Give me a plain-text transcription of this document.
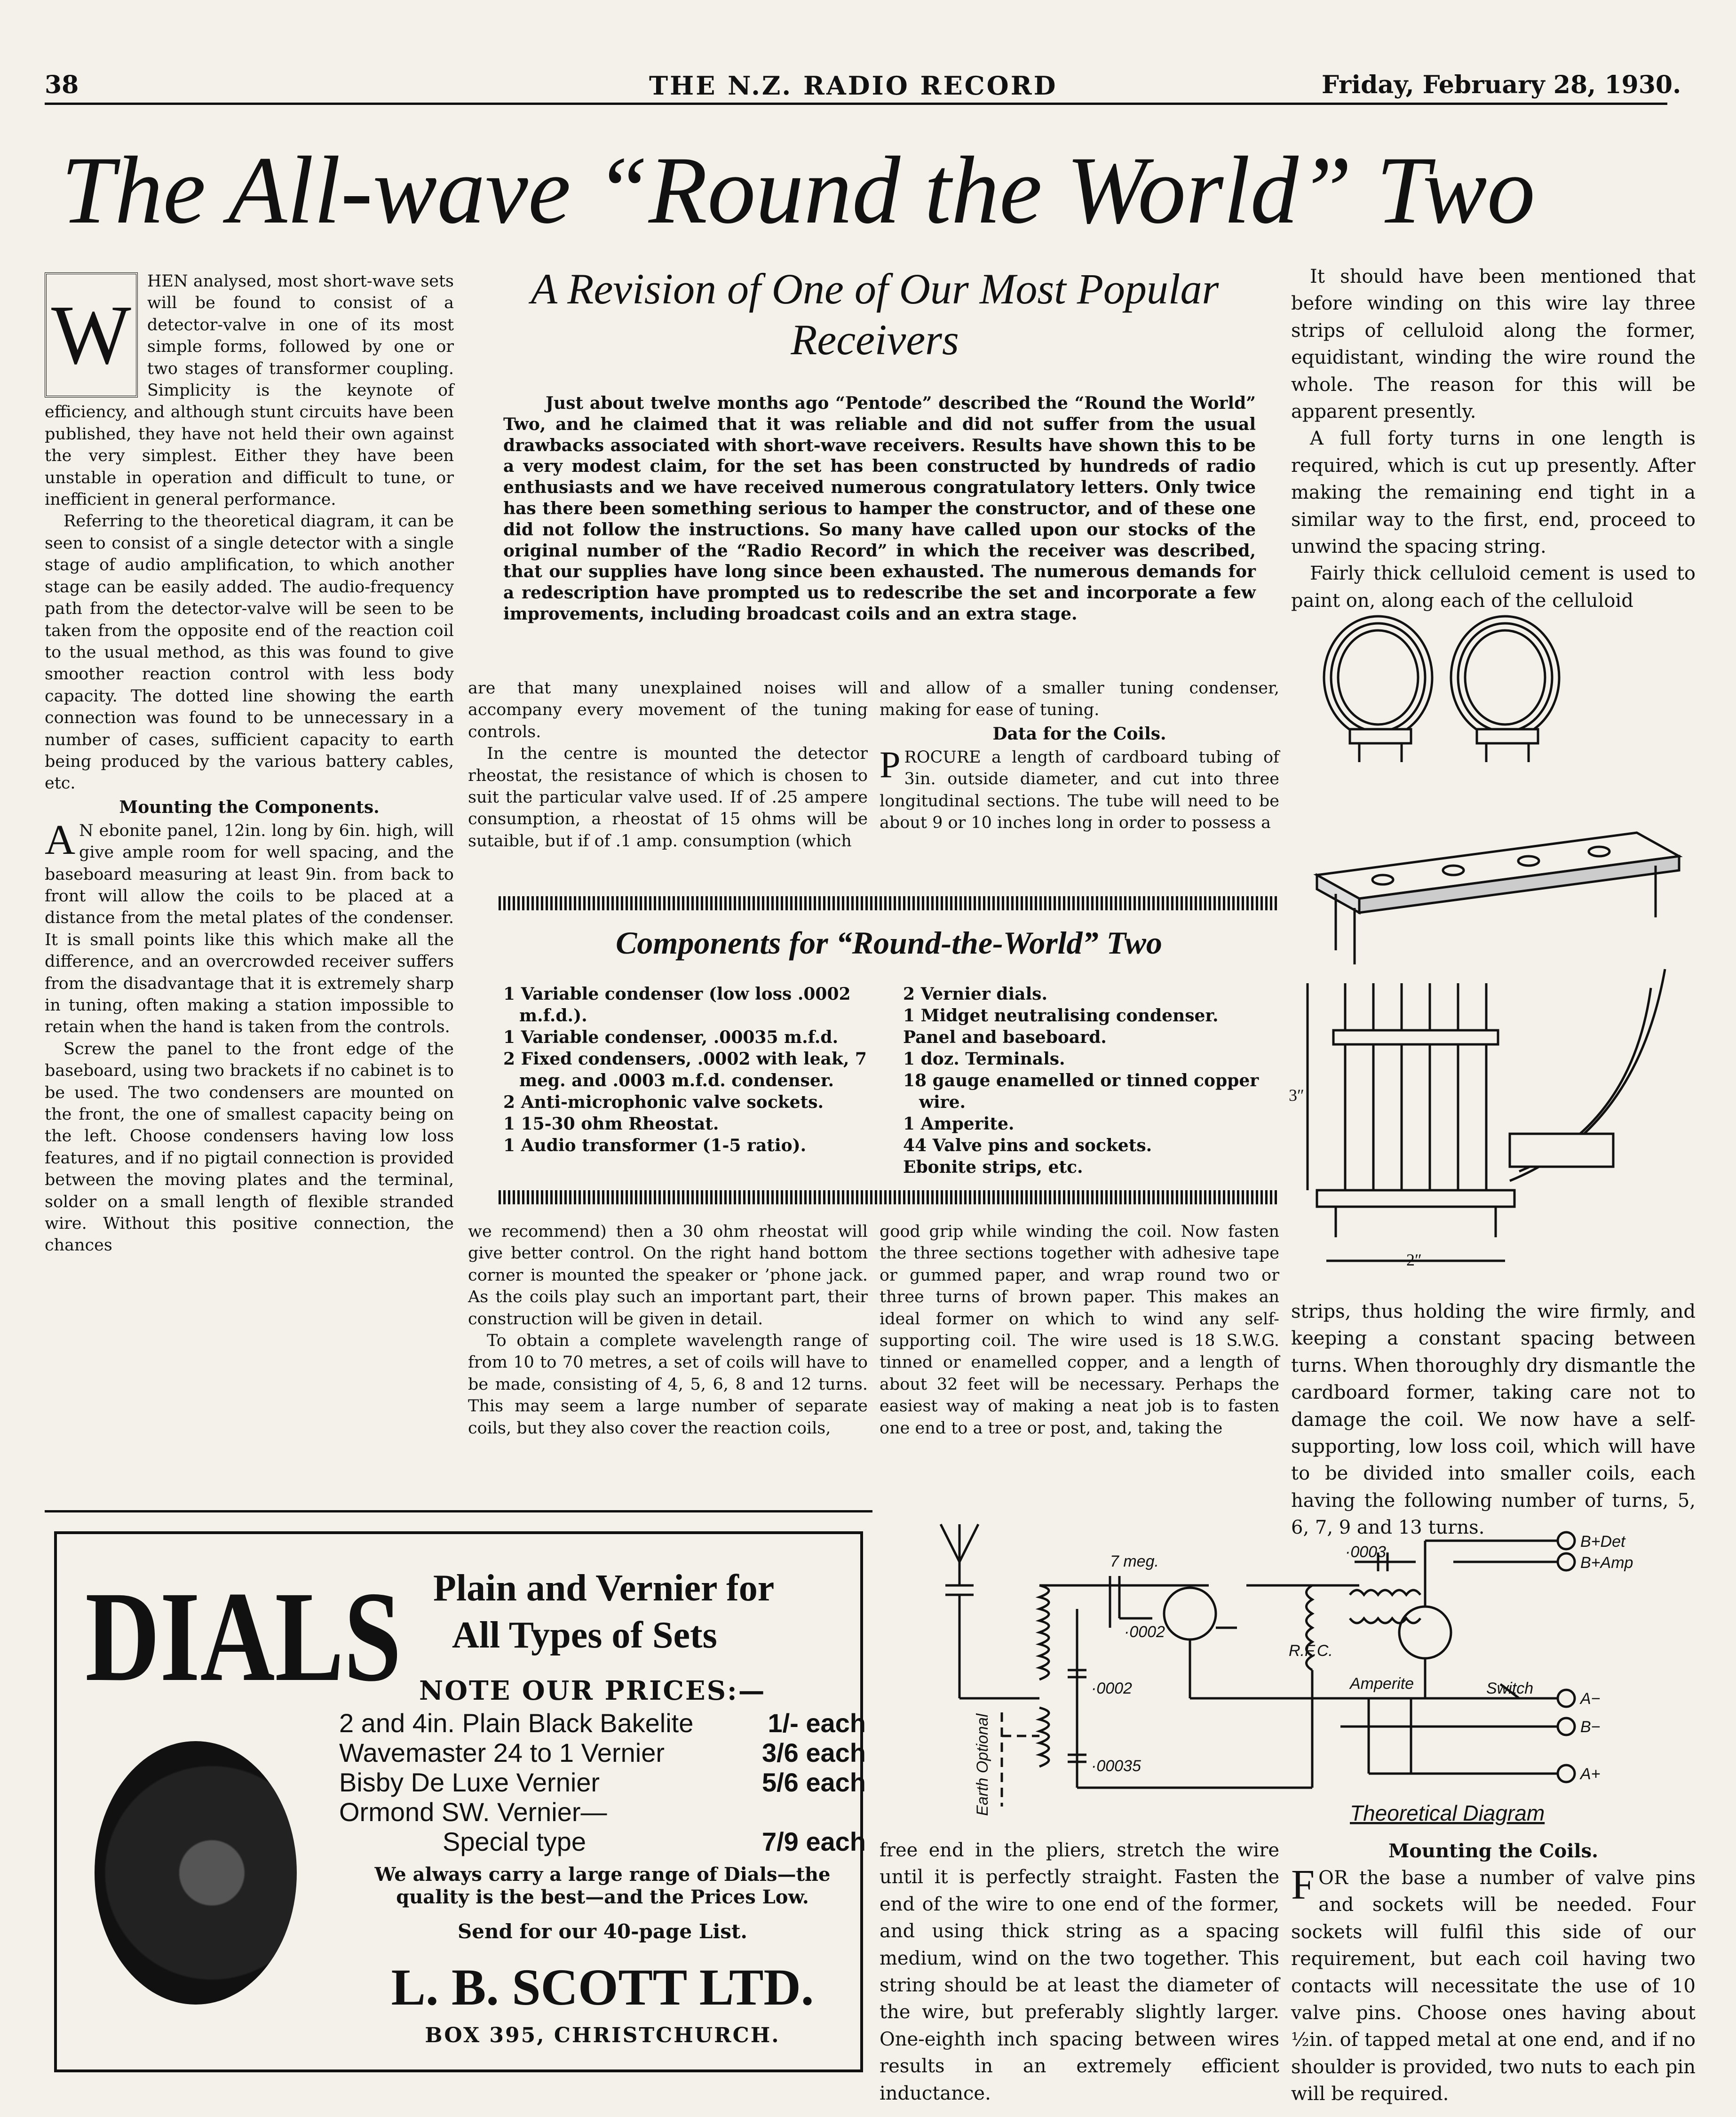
38	THE N.Z. RADIO RECORD	Friday, February 28, 1930.
The All-wave “Round the World” Two
W
HEN analysed, most short-wave sets will be found to consist of a detector-valve in one of its most simple forms, followed by one or two stages of transformer coupling. Simplicity is the keynote of efficiency, and although stunt circuits have been published, they have not held their own against the very simplest. Either they have been unstable in operation and difficult to tune, or inefficient in general performance.
Referring to the theoretical diagram, it can be seen to consist of a single detector with a single stage of audio amplification, to which another stage can be easily added. The audio-frequency path from the detector-valve will be seen to be taken from the opposite end of the reaction coil to the usual method, as this was found to give smoother reaction control with less body capacity. The dotted line showing the earth connection was found to be unnecessary in a number of cases, sufficient capacity to earth being produced by the various battery cables, etc.
Mounting the Components.
A N ebonite panel, 12in. long by 6in. high, will give ample room for well spacing, and the baseboard measuring at least 9in. from back to front will allow the coils to be placed at a distance from the metal plates of the condenser. It is small points like this which make all the difference, and an overcrowded receiver suffers from the disadvantage that it is extremely sharp in tuning, often making a station impossible to retain when the hand is taken from the controls.
Screw the panel to the front edge of the baseboard, using two brackets if no cabinet is to be used. The two condensers are mounted on the front, the one of smallest capacity being on the left. Choose condensers having low loss features, and if no pigtail connection is provided between the moving plates and the terminal, solder on a small length of flexible stranded wire. Without this positive connection, the chances
A Revision of One of Our Most Popular Receivers
Just about twelve months ago “Pentode” described the “Round the World” Two, and he claimed that it was reliable and did not suffer from the usual drawbacks associated with short-wave receivers. Results have shown this to be a very modest claim, for the set has been constructed by hundreds of radio enthusiasts and we have received numerous congratulatory letters. Only twice has there been something serious to hamper the constructor, and of these one did not follow the instructions. So many have called upon our stocks of the original number of the “Radio Record” in which the receiver was described, that our supplies have long since been exhausted. The numerous demands for a redescription have prompted us to redescribe the set and incorporate a few improvements, including broadcast coils and an extra stage.
are that many unexplained noises will accompany every movement of the tuning controls.
In the centre is mounted the detector rheostat, the resistance of which is chosen to suit the particular valve used. If of .25 ampere consumption, a rheostat of 15 ohms will be sutaible, but if of .1 amp. consumption (which
and allow of a smaller tuning condenser, making for ease of tuning.
Data for the Coils.
P ROCURE a length of cardboard tubing of 3in. outside diameter, and cut into three longitudinal sections. The tube will need to be about 9 or 10 inches long in order to possess a
Components for “Round-the-World” Two
1 Variable condenser (low loss .0002 m.f.d.).
1 Variable condenser, .00035 m.f.d.
2 Fixed condensers, .0002 with leak, 7 meg. and .0003 m.f.d. condenser.
2 Anti-microphonic valve sockets.
1 15-30 ohm Rheostat.
1 Audio transformer (1-5 ratio).
2 Vernier dials.
1 Midget neutralising condenser.
Panel and baseboard.
1 doz. Terminals.
18 gauge enamelled or tinned copper wire.
1 Amperite.
44 Valve pins and sockets.
Ebonite strips, etc.
we recommend) then a 30 ohm rheostat will give better control. On the right hand bottom corner is mounted the speaker or ’phone jack. As the coils play such an important part, their construction will be given in detail.
To obtain a complete wavelength range of from 10 to 70 metres, a set of coils will have to be made, consisting of 4, 5, 6, 8 and 12 turns. This may seem a large number of separate coils, but they also cover the reaction coils,
good grip while winding the coil. Now fasten the three sections together with adhesive tape or gummed paper, and wrap round two or three turns of brown paper. This makes an ideal former on which to wind any self-supporting coil. The wire used is 18 S.W.G. tinned or enamelled copper, and a length of about 32 feet will be necessary. Perhaps the easiest way of making a neat job is to fasten one end to a tree or post, and, taking the
It should have been mentioned that before winding on this wire lay three strips of celluloid along the former, equidistant, winding the wire round the whole. The reason for this will be apparent presently.
A full forty turns in one length is required, which is cut up presently. After making the remaining end tight in a similar way to the first, end, proceed to unwind the spacing string.
Fairly thick celluloid cement is used to paint on, along each of the celluloid
3″
2″
strips, thus holding the wire firmly, and keeping a constant spacing between turns. When thoroughly dry dismantle the cardboard former, taking care not to damage the coil. We now have a self-supporting, low loss coil, which will have to be divided into smaller coils, each having the following number of turns, 5, 6, 7, 9 and 13 turns.
DIALS Plain and Vernier for
All Types of Sets
NOTE OUR PRICES:—
2 and 4in. Plain Black Bakelite	1/- each
Wavemaster 24 to 1 Vernier	3/6 each
Bisby De Luxe Vernier	5/6 each
Ormond SW. Vernier—
Special type	7/9 each
We always carry a large range of Dials—the quality is the best—and the Prices Low.
Send for our 40-page List.
L. B. SCOTT LTD.
BOX 395, CHRISTCHURCH.
B+Det
B+Amp
·0003
7 meg.
·0002
·0002
·00035
R.F.C.
Amperite	Switch
A−
B−
A+
Earth Optional	Theoretical Diagram
free end in the pliers, stretch the wire until it is perfectly straight. Fasten the end of the wire to one end of the former, and using thick string as a spacing medium, wind on the two together. This string should be at least the diameter of the wire, but preferably slightly larger. One-eighth inch spacing between wires results in an extremely efficient inductance.
Mounting the Coils.
F OR the base a number of valve pins and sockets will be needed. Four sockets will fulfil this side of our requirement, but each coil having two contacts will necessitate the use of 10 valve pins. Choose ones having about ½in. of tapped metal at one end, and if no shoulder is provided, two nuts to each pin will be required.
